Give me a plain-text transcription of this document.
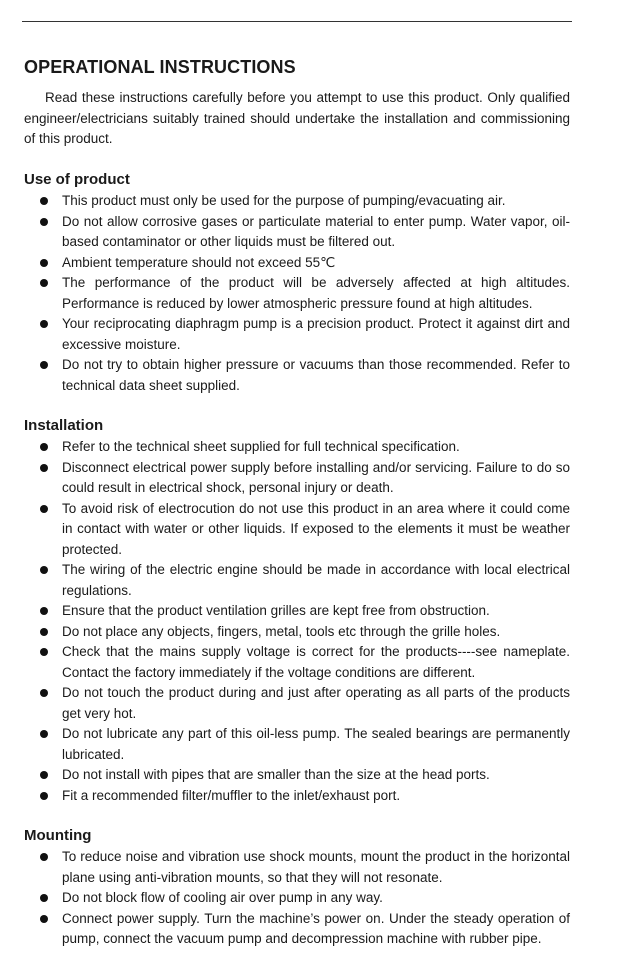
OPERATIONAL INSTRUCTIONS

Read these instructions carefully before you attempt to use this product. Only qualified engineer/electricians suitably trained should undertake the installation and commissioning of this product.

Use of product
This product must only be used for the purpose of pumping/evacuating air.
Do not allow corrosive gases or particulate material to enter pump. Water vapor, oil-based contaminator or other liquids must be filtered out.
Ambient temperature should not exceed 55℃
The performance of the product will be adversely affected at high altitudes. Performance is reduced by lower atmospheric pressure found at high altitudes.
Your reciprocating diaphragm pump is a precision product. Protect it against dirt and excessive moisture.
Do not try to obtain higher pressure or vacuums than those recommended. Refer to technical data sheet supplied.
Installation
Refer to the technical sheet supplied for full technical specification.
Disconnect electrical power supply before installing and/or servicing. Failure to do so could result in electrical shock, personal injury or death.
To avoid risk of electrocution do not use this product in an area where it could come in contact with water or other liquids. If exposed to the elements it must be weather protected.
The wiring of the electric engine should be made in accordance with local electrical regulations.
Ensure that the product ventilation grilles are kept free from obstruction.
Do not place any objects, fingers, metal, tools etc through the grille holes.
Check that the mains supply voltage is correct for the products----see nameplate. Contact the factory immediately if the voltage conditions are different.
Do not touch the product during and just after operating as all parts of the products get very hot.
Do not lubricate any part of this oil-less pump. The sealed bearings are permanently lubricated.
Do not install with pipes that are smaller than the size at the head ports.
Fit a recommended filter/muffler to the inlet/exhaust port.
Mounting
To reduce noise and vibration use shock mounts, mount the product in the horizontal plane using anti-vibration mounts, so that they will not resonate.
Do not block flow of cooling air over pump in any way.
Connect power supply. Turn the machine’s power on. Under the steady operation of pump, connect the vacuum pump and decompression machine with rubber pipe.
